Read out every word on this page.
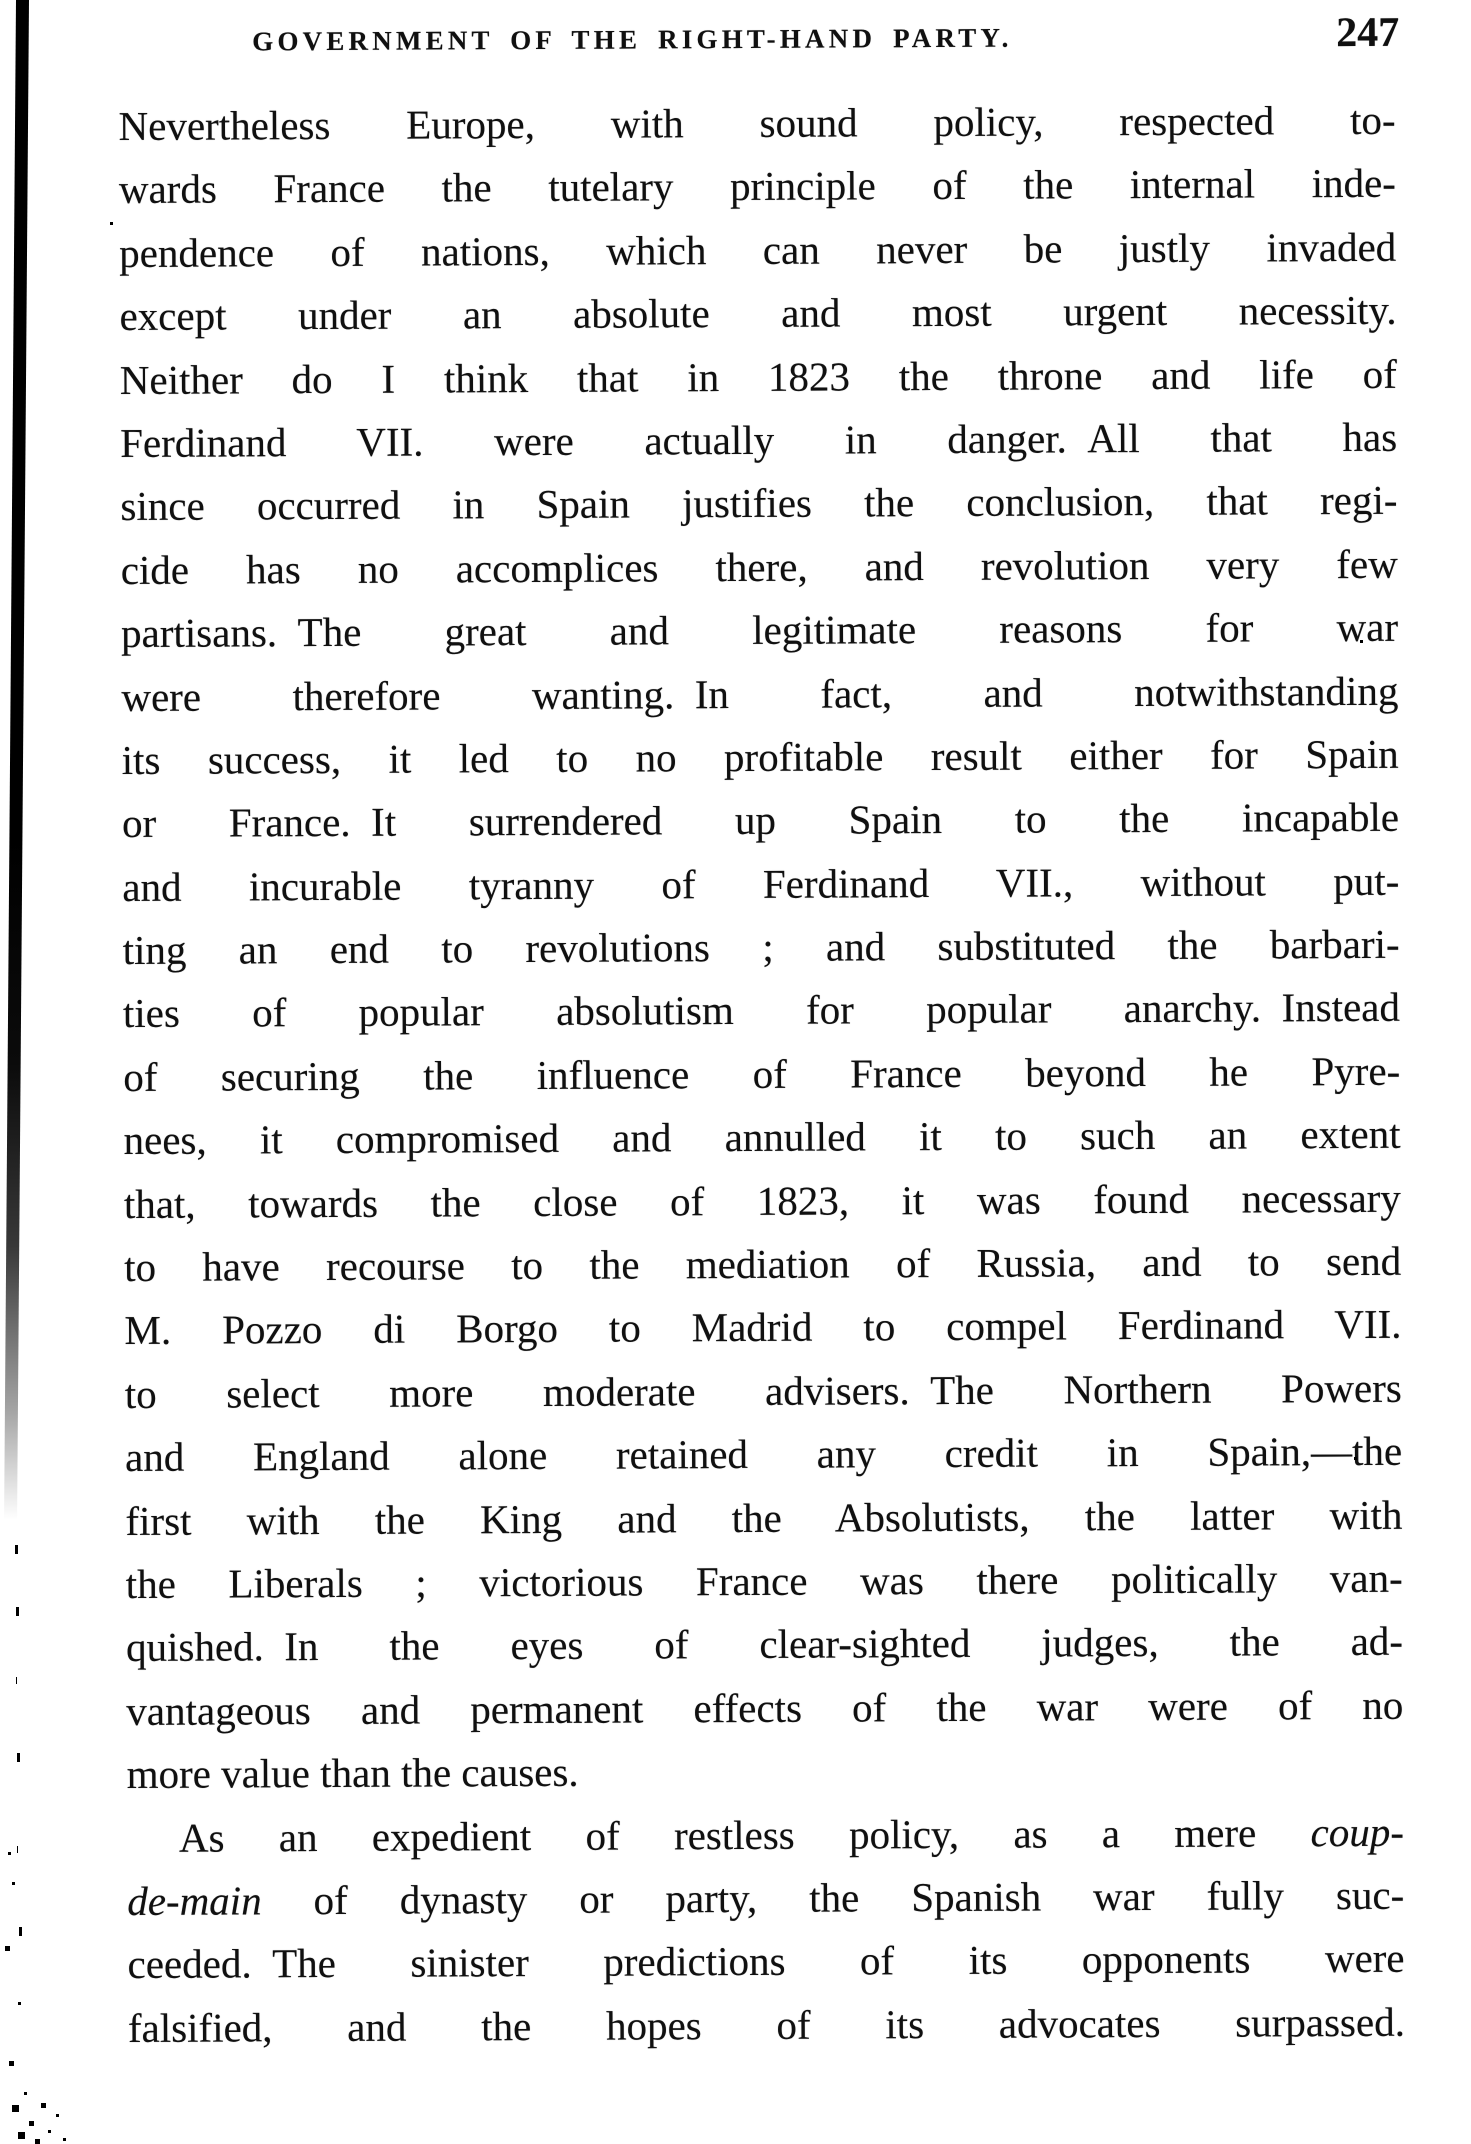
GOVERNMENT OF THE RIGHT-HAND PARTY.	247
Nevertheless Europe, with sound policy, respected to-
wards France the tutelary principle of the internal inde-
pendence of nations, which can never be justly invaded
except under an absolute and most urgent necessity.
Neither do I think that in 1823 the throne and life of
Ferdinand VII. were actually in danger. All that has
since occurred in Spain justifies the conclusion, that regi-
cide has no accomplices there, and revolution very few
partisans. The great and legitimate reasons for war
were therefore wanting. In fact, and notwithstanding
its success, it led to no profitable result either for Spain
or France. It surrendered up Spain to the incapable
and incurable tyranny of Ferdinand VII., without put-
ting an end to revolutions ; and substituted the barbari-
ties of popular absolutism for popular anarchy. Instead
of securing the influence of France beyond he Pyre-
nees, it compromised and annulled it to such an extent
that, towards the close of 1823, it was found necessary
to have recourse to the mediation of Russia, and to send
M. Pozzo di Borgo to Madrid to compel Ferdinand VII.
to select more moderate advisers. The Northern Powers
and England alone retained any credit in Spain,—the
first with the King and the Absolutists, the latter with
the Liberals ; victorious France was there politically van-
quished. In the eyes of clear-sighted judges, the ad-
vantageous and permanent effects of the war were of no
more value than the causes.
As an expedient of restless policy, as a mere coup-
de-main of dynasty or party, the Spanish war fully suc-
ceeded. The sinister predictions of its opponents were
falsified, and the hopes of its advocates surpassed.
